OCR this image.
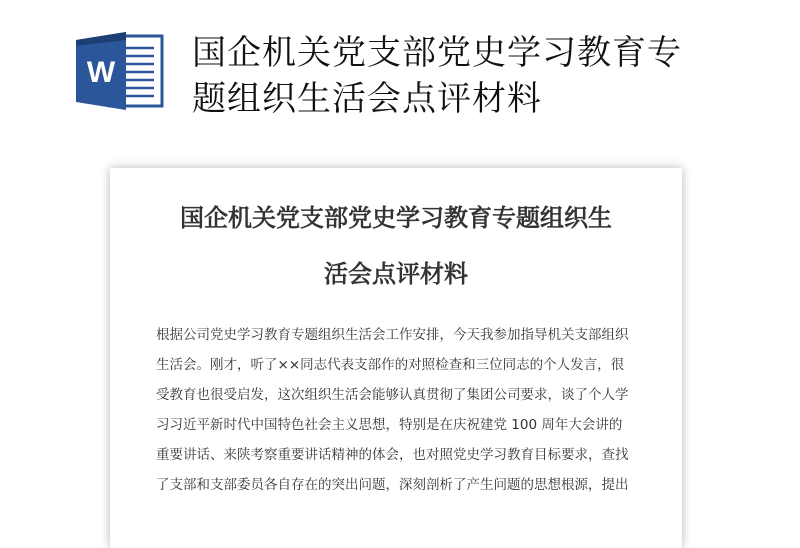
W 国企机关党支部党史学习教育专
题组织生活会点评材料
国企机关党支部党史学习教育专题组织生
活会点评材料
根据公司党史学习教育专题组织生活会工作安排，今天我参加指导机关支部组织
生活会。刚才，听了××同志代表支部作的对照检查和三位同志的个人发言，很
受教育也很受启发，这次组织生活会能够认真贯彻了集团公司要求，谈了个人学
习习近平新时代中国特色社会主义思想，特别是在庆祝建党 100 周年大会讲的
重要讲话、来陕考察重要讲话精神的体会，也对照党史学习教育目标要求，查找
了支部和支部委员各自存在的突出问题，深刻剖析了产生问题的思想根源，提出
